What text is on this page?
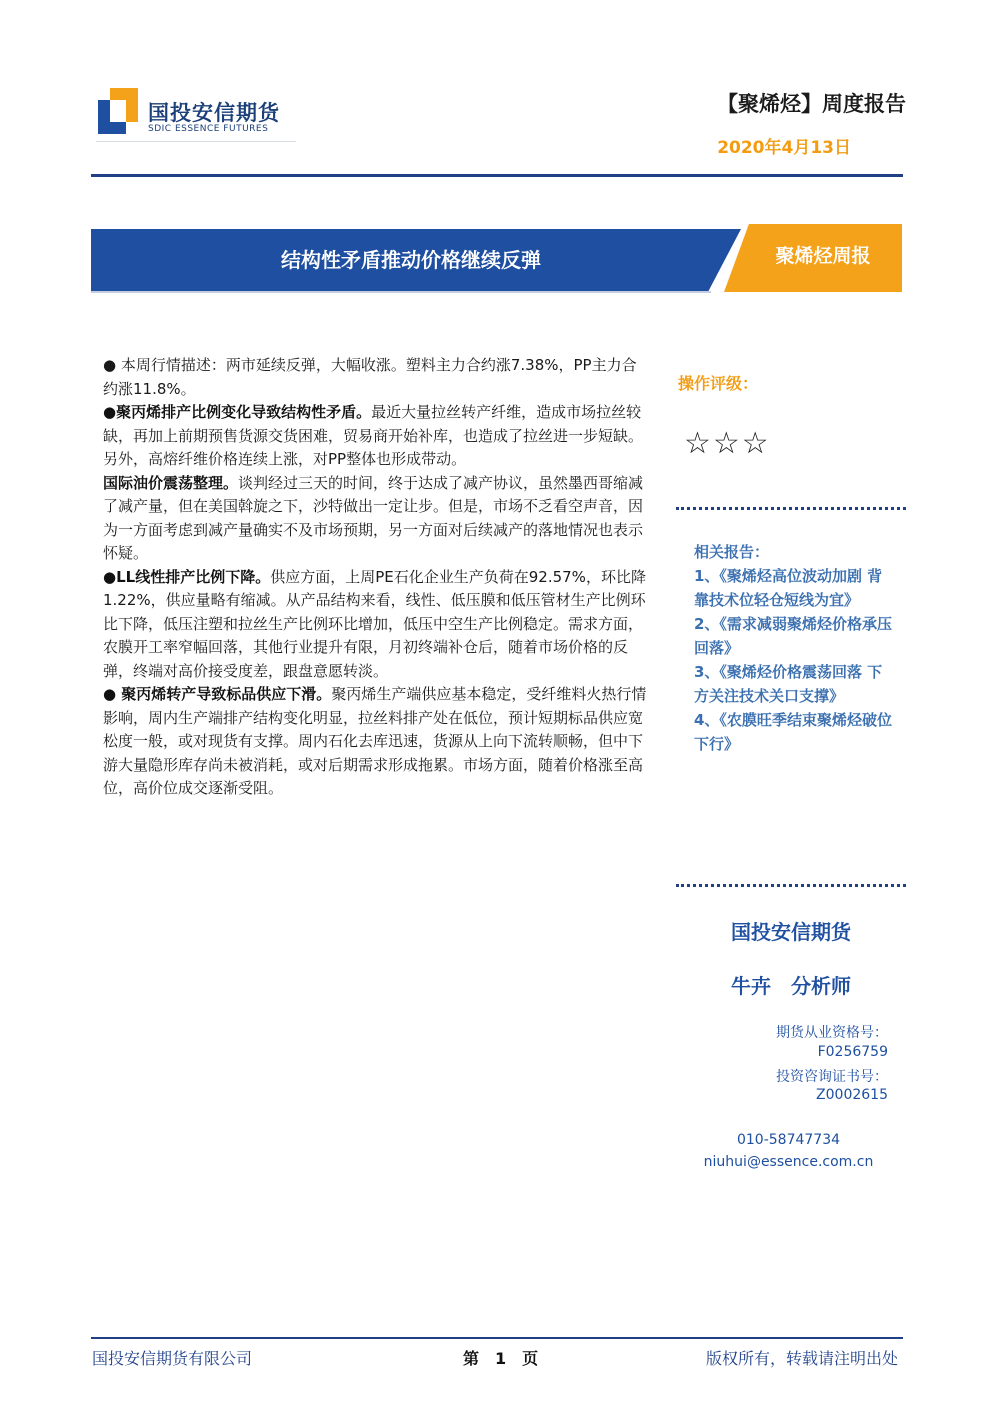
国投安信期货
SDIC ESSENCE FUTURES
【聚烯烃】周度报告
2020年4月13日
结构性矛盾推动价格继续反弹	聚烯烃周报

● 本周行情描述：两市延续反弹，大幅收涨。塑料主力合约涨7.38%，PP主力合约涨11.8%。

●聚丙烯排产比例变化导致结构性矛盾。最近大量拉丝转产纤维，造成市场拉丝较缺，再加上前期预售货源交货困难，贸易商开始补库，也造成了拉丝进一步短缺。另外，高熔纤维价格连续上涨，对PP整体也形成带动。

国际油价震荡整理。谈判经过三天的时间，终于达成了减产协议，虽然墨西哥缩减了减产量，但在美国斡旋之下，沙特做出一定让步。但是，市场不乏看空声音，因为一方面考虑到减产量确实不及市场预期，另一方面对后续减产的落地情况也表示怀疑。

●LL线性排产比例下降。供应方面，上周PE石化企业生产负荷在92.57%，环比降1.22%，供应量略有缩减。从产品结构来看，线性、低压膜和低压管材生产比例环比下降，低压注塑和拉丝生产比例环比增加，低压中空生产比例稳定。需求方面，农膜开工率窄幅回落，其他行业提升有限，月初终端补仓后，随着市场价格的反弹，终端对高价接受度差，跟盘意愿转淡。

● 聚丙烯转产导致标品供应下滑。聚丙烯生产端供应基本稳定，受纤维料火热行情影响，周内生产端排产结构变化明显，拉丝料排产处在低位，预计短期标品供应宽松度一般，或对现货有支撑。周内石化去库迅速，货源从上向下流转顺畅，但中下游大量隐形库存尚未被消耗，或对后期需求形成拖累。市场方面，随着价格涨至高位，高价位成交逐渐受阻。

操作评级：
☆☆☆
相关报告：
1、《聚烯烃高位波动加剧 背靠技术位轻仓短线为宜》
2、《需求减弱聚烯烃价格承压回落》
3、《聚烯烃价格震荡回落 下方关注技术关口支撑》
4、《农膜旺季结束聚烯烃破位下行》
国投安信期货
牛卉　分析师
期货从业资格号：
F0256759
投资咨询证书号：
Z0002615
010-58747734
niuhui@essence.com.cn
国投安信期货有限公司	第　1　页	版权所有，转载请注明出处
